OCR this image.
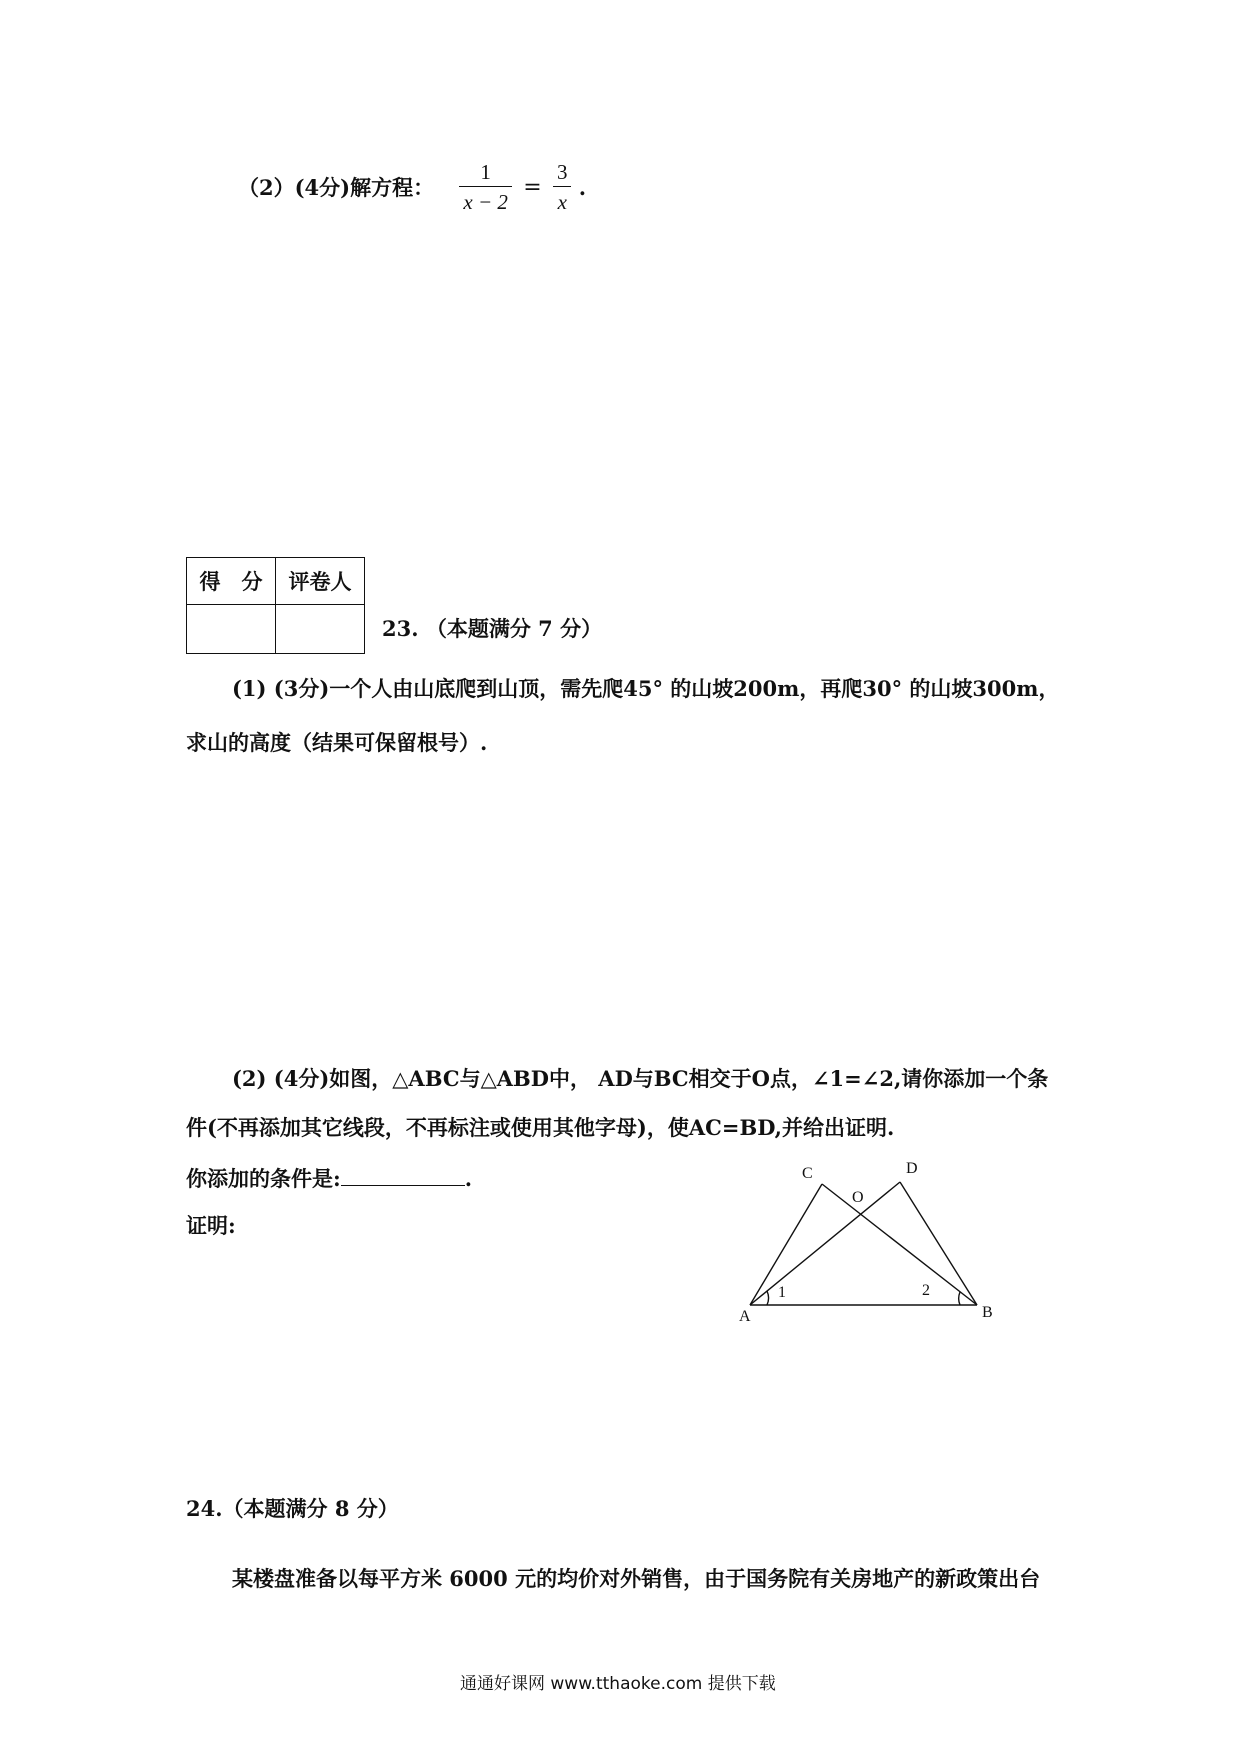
（2）(4分)解方程： $\frac{1}{x - 2} = \frac{3}{x}$ .
得　分	评卷人

23. （本题满分 7 分）
(1) (3分)一个人由山底爬到山顶，需先爬45° 的山坡200m，再爬30° 的山坡300m，
求山的高度（结果可保留根号）.
(2) (4分)如图，△ABC与△ABD中， AD与BC相交于O点，∠1=∠2,请你添加一个条
件(不再添加其它线段，不再标注或使用其他字母)，使AC=BD,并给出证明.
你添加的条件是:	.
证明:
C	D
O
A	B
1	2
24.（本题满分 8 分）
某楼盘准备以每平方米 6000 元的均价对外销售，由于国务院有关房地产的新政策出台
通通好课网 www.tthaoke.com 提供下载
